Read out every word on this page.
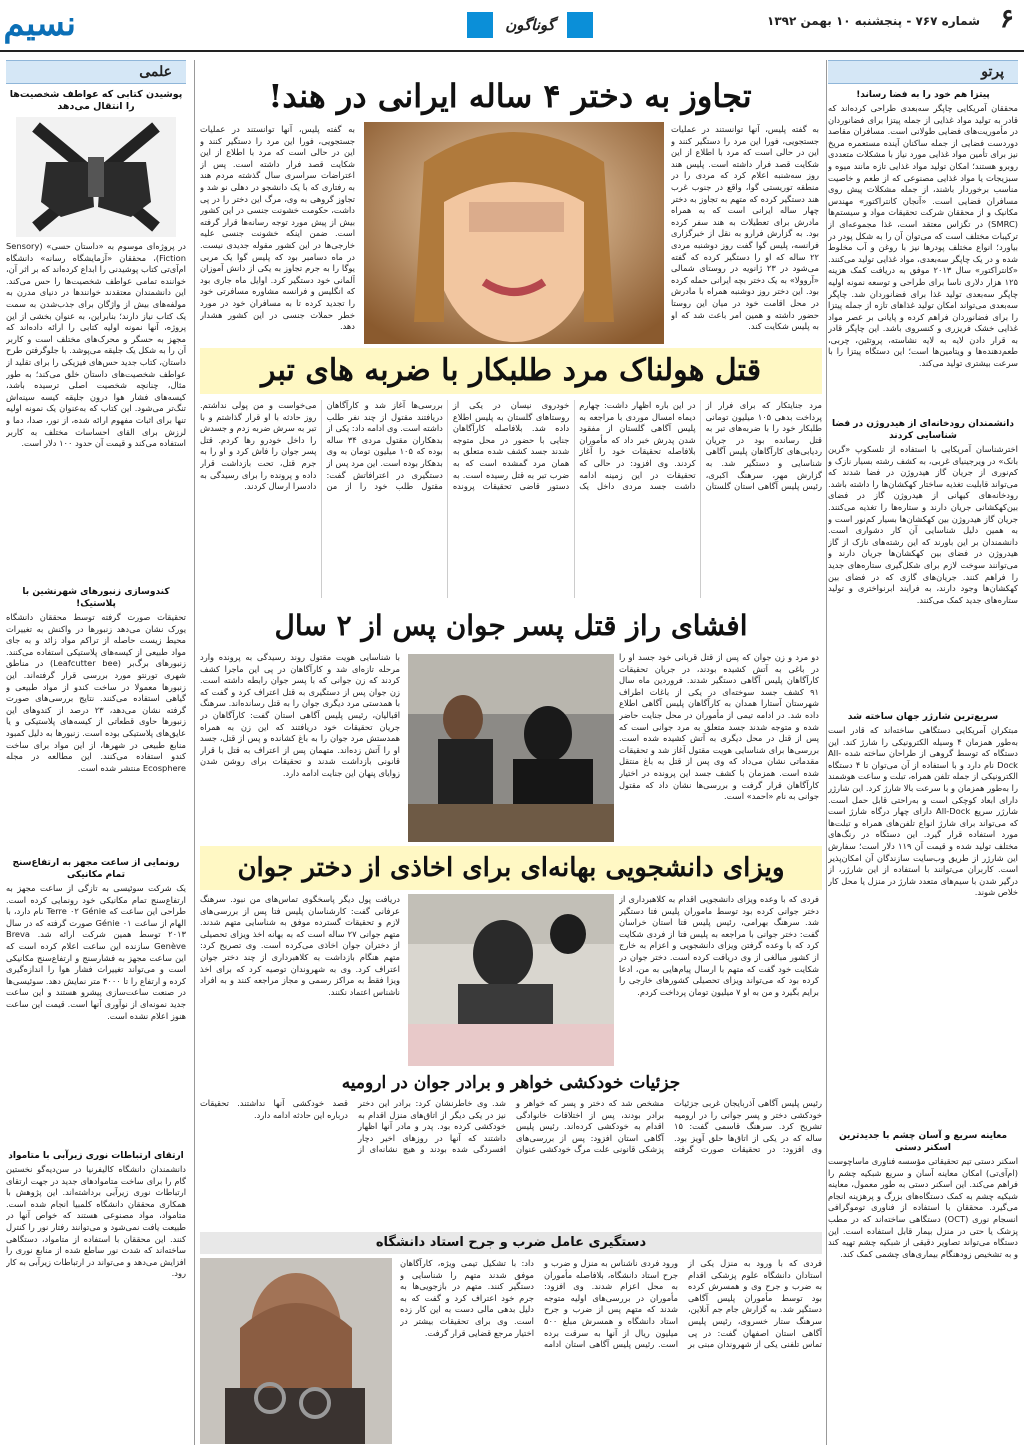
نسیم	گوناگون	۶
شماره ۷۶۷ - پنجشنبه ۱۰ بهمن ۱۳۹۲
پرتو
پیتزا هم خود را به فضا رساند!
محققان آمریکایی چاپگر سه‌بعدی طراحی کرده‌اند که قادر به تولید مواد غذایی از جمله پیتزا برای فضانوردان در مأموریت‌های فضایی طولانی است. مسافران مقاصد دوردست فضایی از جمله ساکنان آینده مستعمره مریخ نیز برای تأمین مواد غذایی مورد نیاز با مشکلات متعددی روبرو هستند؛ امکان تولید مواد غذایی تازه مانند میوه و سبزیجات یا مواد غذایی مصنوعی که از طعم و خاصیت مناسب برخوردار باشند، از جمله مشکلات پیش روی مسافران فضایی است. «آنجان کانتراکتور» مهندس مکانیک و از محققان شرکت تحقیقات مواد و سیستم‌ها (SMRC) در تگزاس معتقد است، غذا مجموعه‌ای از ترکیبات مختلف است که می‌توان آن را به شکل پودر در بیاورد؛ انواع مختلف پودرها نیز با روغن و آب مخلوط شده و در یک چاپگر سه‌بعدی، مواد غذایی تولید می‌کنند. «کانتراکتور» سال ۲۰۱۳ موفق به دریافت کمک هزینه ۱۲۵ هزار دلاری ناسا برای طراحی و توسعه نمونه اولیه چاپگر سه‌بعدی تولید غذا برای فضانوردان شد. چاپگر سه‌بعدی می‌تواند امکان تولید غذاهای تازه از جمله پیتزا را برای فضانوردان فراهم کرده و پایانی بر عصر مواد غذایی خشک فریزری و کنسروی باشد. این چاپگر قادر به قرار دادن لایه به لایه نشاسته، پروتئین، چربی، طعم‌دهنده‌ها و ویتامین‌ها است؛ این دستگاه پیتزا را با سرعت بیشتری تولید می‌کند.
دانشمندان رودخانه‌ای از هیدروژن در فضا شناسایی کردند
اخترشناسان آمریکایی با استفاده از تلسکوپ «گرین بانک» در ویرجینیای غربی، به کشف رشته بسیار نازک و کم‌نوری از جریان گاز هیدروژن در فضا شدند که می‌تواند قابلیت تغذیه ساختار کهکشان‌ها را داشته باشد. رودخانه‌های کیهانی از هیدروژن گاز در فضای بین‌کهکشانی جریان دارند و ستاره‌ها را تغذیه می‌کنند. جریان گاز هیدروژن بین کهکشان‌ها بسیار کم‌نور است و به همین دلیل شناسایی آن کار دشواری است. دانشمندان بر این باورند که این رشته‌های نازک از گاز هیدروژن در فضای بین کهکشان‌ها جریان دارند و می‌توانند سوخت لازم برای شکل‌گیری ستاره‌های جدید را فراهم کنند. جریان‌های گازی که در فضای بین کهکشان‌ها وجود دارند، به فرایند ابرنواختری و تولید ستاره‌های جدید کمک می‌کنند.
سریع‌ترین شارژر جهان ساخته شد
مبتکران آمریکایی دستگاهی ساخته‌اند که قادر است به‌طور همزمان ۴ وسیله الکترونیکی را شارژ کند. این دستگاه که توسط گروهی از طراحان ساخته شده All-Dock نام دارد و با استفاده از آن می‌توان تا ۴ دستگاه الکترونیکی از جمله تلفن همراه، تبلت و ساعت هوشمند را به‌طور همزمان و با سرعت بالا شارژ کرد. این شارژر دارای ابعاد کوچکی است و به‌راحتی قابل حمل است. شارژر سریع All-Dock دارای چهار درگاه شارژ است که می‌تواند برای شارژ انواع تلفن‌های همراه و تبلت‌ها مورد استفاده قرار گیرد. این دستگاه در رنگ‌های مختلف تولید شده و قیمت آن ۱۱۹ دلار است؛ سفارش این شارژر از طریق وب‌سایت سازندگان آن امکان‌پذیر است. کاربران می‌توانند با استفاده از این شارژر، از درگیر شدن با سیم‌های متعدد شارژ در منزل یا محل کار خلاص شوند.
معاینه سریع و آسان چشم با جدیدترین اسکنر دستی
اسکنر دستی تیم تحقیقاتی مؤسسه فناوری ماساچوست (ام‌آی‌تی) امکان معاینه آسان و سریع شبکیه چشم را فراهم می‌کند. این اسکنر دستی به طور معمول، معاینه شبکیه چشم به کمک دستگاه‌های بزرگ و پرهزینه انجام می‌گیرد. محققان با استفاده از فناوری توموگرافی انسجام نوری (OCT) دستگاهی ساخته‌اند که در مطب پزشک یا حتی در منزل بیمار قابل استفاده است. این دستگاه می‌تواند تصاویر دقیقی از شبکیه چشم تهیه کند و به تشخیص زودهنگام بیماری‌های چشمی کمک کند.
علمی
پوشیدن کتابی که عواطف شخصیت‌ها را انتقال می‌دهد
در پروژه‌ای موسوم به «داستان حسی» (Sensory Fiction)، محققان «آزمایشگاه رسانه» دانشگاه ام‌آی‌تی کتاب پوشیدنی را ابداع کرده‌اند که بر اثر آن، خواننده تمامی عواطف شخصیت‌ها را حس می‌کند. این دانشمندان معتقدند خوانندها در دنیای مدرن به مولفه‌های بیش از واژگان برای جذب‌شدن به سمت یک کتاب نیاز دارند؛ بنابراین، به عنوان بخشی از این پروژه، آنها نمونه اولیه کتابی را ارائه داده‌اند که مجهز به حسگر و محرک‌های مختلف است و کاربر آن را به شکل یک جلیقه می‌پوشد. با جلوگرفتن طرح داستان، کتاب جدید حس‌های فیزیکی را برای تقلید از عواطف شخصیت‌های داستان خلق می‌کند؛ به طور مثال، چنانچه شخصیت اصلی ترسیده باشد، کیسه‌های فشار هوا درون جلیقه کیسه سینه‌اش تنگ‌تر می‌شود. این کتاب که به‌عنوان یک نمونه اولیه تنها برای اثبات مفهوم ارائه شده، از نور، صدا، دما و لرزش برای القای احساسات مختلف به کاربر استفاده می‌کند و قیمت آن حدود ۱۰۰ دلار است.
کندوسازی زنبورهای شهرنشین با پلاستیک!
تحقیقات صورت گرفته توسط محققان دانشگاه یورک نشان می‌دهد زنبورها در واکنش به تغییرات محیط زیست حاصله از تراکم مواد زائد و به جای مواد طبیعی از کیسه‌های پلاستیکی استفاده می‌کنند. زنبورهای برگ‌بر (Leafcutter bee) در مناطق شهری تورنتو مورد بررسی قرار گرفته‌اند. این زنبورها معمولا در ساخت کندو از مواد طبیعی و گیاهی استفاده می‌کنند. نتایج بررسی‌های صورت گرفته نشان می‌دهد، ۲۳ درصد از کندوهای این زنبورها حاوی قطعاتی از کیسه‌های پلاستیکی و یا عایق‌های پلاستیکی بوده است. زنبورها به دلیل کمبود منابع طبیعی در شهرها، از این مواد برای ساخت کندو استفاده می‌کنند. این مطالعه در مجله Ecosphere منتشر شده است.
رونمایی از ساعت مجهز به ارتفاع‌سنج تمام مکانیکی
یک شرکت سوئیسی به تازگی از ساعت مجهز به ارتفاع‌سنج تمام مکانیکی خود رونمایی کرده است. طراحی این ساعت که Terre ۰۲ Génie نام دارد، با الهام از ساعت Génie ۰۱ صورت گرفته که در سال ۲۰۱۳ توسط همین شرکت ارائه شد. Breva Genève سازنده این ساعت اعلام کرده است که این ساعت مجهز به فشارسنج و ارتفاع‌سنج مکانیکی است و می‌تواند تغییرات فشار هوا را اندازه‌گیری کرده و ارتفاع را تا ۴۰۰۰ متر نمایش دهد. سوئیسی‌ها در صنعت ساعت‌سازی پیشرو هستند و این ساعت جدید نمونه‌ای از نوآوری آنها است. قیمت این ساعت هنوز اعلام نشده است.
ارتقای ارتباطات نوری زیرآبی با متامواد
دانشمندان دانشگاه کالیفرنیا در سن‌دیه‌گو نخستین گام را برای ساخت متاموادهای جدید در جهت ارتقای ارتباطات نوری زیرآبی برداشته‌اند. این پژوهش با همکاری محققان دانشگاه کلمبیا انجام شده است. متامواد، مواد مصنوعی هستند که خواص آنها در طبیعت یافت نمی‌شود و می‌توانند رفتار نور را کنترل کنند. این محققان با استفاده از متامواد، دستگاهی ساخته‌اند که شدت نور ساطع شده از منابع نوری را افزایش می‌دهد و می‌تواند در ارتباطات زیرآبی به کار رود.
تجاوز به دختر ۴ ساله ایرانی در هند!
به گفته پلیس، آنها توانستند در عملیات جستجویی، فورا این مرد را دستگیر کنند و این در حالی است که مرد با اطلاع از این شکایت قصد فرار داشته است. پلیس هند روز سه‌شنبه اعلام کرد که مردی را در منطقه توریستی گوا، واقع در جنوب غرب هند دستگیر کرده که متهم به تجاوز به دختر چهار ساله ایرانی است که به همراه مادرش برای تعطیلات به هند سفر کرده بود. به گزارش فرارو به نقل از خبرگزاری فرانسه، پلیس گوا گفت روز دوشنبه مردی ۲۲ ساله که او را دستگیر کرده که گفته می‌شود در ۲۳ ژانویه در روستای شمالی «آروولا» به یک دختر بچه ایرانی حمله کرده بود. این دختر روز دوشنبه همراه با مادرش در محل اقامت خود در میان این روستا حضور داشته و همین امر باعث شد که او به پلیس شکایت کند.
به گفته پلیس، آنها توانستند در عملیات جستجویی، فورا این مرد را دستگیر کنند و این در حالی است که مرد با اطلاع از این شکایت قصد فرار داشته است. پس از اعتراضات سراسری سال گذشته مردم هند به رفتاری که با یک دانشجو در دهلی نو شد و تجاوز گروهی به وی، مرگ این دختر را در پی داشت، حکومت خشونت جنسی در این کشور بیش از پیش مورد توجه رسانه‌ها قرار گرفته است. ضمن اینکه خشونت جنسی علیه خارجی‌ها در این کشور مقوله جدیدی نیست. در ماه دسامبر بود که پلیس گوا یک مربی یوگا را به جرم تجاوز به یکی از دانش آموزان آلمانی خود دستگیر کرد. اوایل ماه جاری بود که انگلیس و فرانسه مشاوره مسافرتی خود را تجدید کرده تا به مسافران خود در مورد خطر حملات جنسی در این کشور هشدار دهد.
قتل هولناک مرد طلبکار با ضربه های تبر
مرد جنایتکار که برای فرار از پرداخت بدهی ۱۰۵ میلیون تومانی طلبکار خود را با ضربه‌های تبر به قتل رسانده بود در جریان ردیابی‌های کارآگاهان پلیس آگاهی شناسایی و دستگیر شد. به گزارش مهر، سرهنگ اکبری، رئیس پلیس آگاهی استان گلستان در این باره اظهار داشت: چهارم دیماه امسال موردی با مراجعه به پلیس آگاهی گلستان از مفقود شدن پدرش خبر داد که مأموران بلافاصله تحقیقات خود را آغاز کردند. وی افزود: در حالی که تحقیقات در این زمینه ادامه داشت جسد مردی داخل یک خودروی نیسان در یکی از روستاهای گلستان به پلیس اطلاع داده شد. بلافاصله کارآگاهان جنایی با حضور در محل متوجه شدند جسد کشف شده متعلق به همان مرد گمشده است که به ضرب تبر به قتل رسیده است. به دستور قاضی تحقیقات پرونده بررسی‌ها آغاز شد و کارآگاهان دریافتند مقتول از چند نفر طلب داشته است. وی ادامه داد: یکی از بدهکاران مقتول مردی ۳۴ ساله بوده که ۱۰۵ میلیون تومان به وی بدهکار بوده است. این مرد پس از دستگیری در اعترافاتش گفت: مقتول طلب خود را از من می‌خواست و من پولی نداشتم. روز حادثه با او قرار گذاشتم و با تبر به سرش ضربه زدم و جسدش را داخل خودرو رها کردم. قتل پسر جوان را فاش کرد و او را به جرم قتل، تحت بازداشت قرار داده و پرونده را برای رسیدگی به دادسرا ارسال کردند.
افشای راز قتل پسر جوان پس از ۲ سال
دو مرد و زن جوان که پس از قتل قربانی خود جسد او را در باغی به آتش کشیده بودند، در جریان تحقیقات کارآگاهان پلیس آگاهی دستگیر شدند. فروردین ماه سال ۹۱ کشف جسد سوخته‌ای در یکی از باغات اطراف شهرستان آستارا همدان به کارآگاهان پلیس آگاهی اطلاع داده شد. در ادامه تیمی از مأموران در محل جنایت حاضر شده و متوجه شدند جسد متعلق به مرد جوانی است که پس از قتل در محل دیگری به آتش کشیده شده است. بررسی‌ها برای شناسایی هویت مقتول آغاز شد و تحقیقات مقدماتی نشان می‌داد که وی پس از قتل به باغ منتقل شده است. همزمان با کشف جسد این پرونده در اختیار کارآگاهان قرار گرفت و بررسی‌ها نشان داد که مقتول جوانی به نام «احمد» است.
با شناسایی هویت مقتول روند رسیدگی به پرونده وارد مرحله تازه‌ای شد و کارآگاهان در پی این ماجرا کشف کردند که زن جوانی که با پسر جوان رابطه داشته است. زن جوان پس از دستگیری به قتل اعتراف کرد و گفت که با همدستی مرد دیگری جوان را به قتل رسانده‌اند. سرهنگ اقبالیان، رئیس پلیس آگاهی استان گفت: کارآگاهان در جریان تحقیقات خود دریافتند که این زن به همراه همدستش مرد جوان را به باغ کشانده و پس از قتل، جسد او را آتش زده‌اند. متهمان پس از اعتراف به قتل با قرار قانونی بازداشت شدند و تحقیقات برای روشن شدن زوایای پنهان این جنایت ادامه دارد.
ویزای دانشجویی بهانه‌ای برای اخاذی از دختر جوان
فردی که با وعده ویزای دانشجویی اقدام به کلاهبرداری از دختر جوانی کرده بود توسط ماموران پلیس فتا دستگیر شد. سرهنگ بهرامی، رئیس پلیس فتا استان خراسان گفت: دختر جوانی با مراجعه به پلیس فتا از فردی شکایت کرد که با وعده گرفتن ویزای دانشجویی و اعزام به خارج از کشور مبالغی از وی دریافت کرده است. دختر جوان در شکایت خود گفت که متهم با ارسال پیام‌هایی به من، ادعا کرده بود که می‌تواند ویزای تحصیلی کشورهای خارجی را برایم بگیرد و من به او ۷ میلیون تومان پرداخت کردم.
دریافت پول دیگر پاسخگوی تماس‌های من نبود. سرهنگ عرفانی گفت: کارشناسان پلیس فتا پس از بررسی‌های لازم و تحقیقات گسترده موفق به شناسایی متهم شدند. متهم جوانی ۲۷ ساله است که به بهانه اخذ ویزای تحصیلی از دختران جوان اخاذی می‌کرده است. وی تصریح کرد: متهم هنگام بازداشت به کلاهبرداری از چند دختر جوان اعتراف کرد. وی به شهروندان توصیه کرد که برای اخذ ویزا فقط به مراکز رسمی و مجاز مراجعه کنند و به افراد ناشناس اعتماد نکنند.
جزئیات خودکشی خواهر و برادر جوان در ارومیه
رئیس پلیس آگاهی آذربایجان غربی جزئیات خودکشی دختر و پسر جوانی را در ارومیه تشریح کرد. سرهنگ قاسمی گفت: ۱۵ ساله که در یکی از اتاق‌ها حلق آویز بود. وی افزود: در تحقیقات صورت گرفته مشخص شد که دختر و پسر که خواهر و برادر بودند، پس از اختلافات خانوادگی اقدام به خودکشی کرده‌اند. رئیس پلیس آگاهی استان افزود: پس از بررسی‌های پزشکی قانونی علت مرگ خودکشی عنوان شد. وی خاطرنشان کرد: برادر این دختر نیز در یکی دیگر از اتاق‌های منزل اقدام به خودکشی کرده بود. پدر و مادر آنها اظهار داشتند که آنها در روزهای اخیر دچار افسردگی شده بودند و هیچ نشانه‌ای از قصد خودکشی آنها نداشتند. تحقیقات درباره این حادثه ادامه دارد.
دستگیری عامل ضرب و جرح استاد دانشگاه
فردی که با ورود به منزل یکی از استادان دانشگاه علوم پزشکی اقدام به ضرب و جرح وی و همسرش کرده بود توسط مأموران پلیس آگاهی دستگیر شد. به گزارش جام جم آنلاین، سرهنگ ستار خسروی، رئیس پلیس آگاهی استان اصفهان گفت: در پی تماس تلفنی یکی از شهروندان مبنی بر ورود فردی ناشناس به منزل و ضرب و جرح استاد دانشگاه، بلافاصله مأموران به محل اعزام شدند. وی افزود: مأموران در بررسی‌های اولیه متوجه شدند که متهم پس از ضرب و جرح استاد دانشگاه و همسرش مبلغ ۵۰۰ میلیون ریال از آنها به سرقت برده است. رئیس پلیس آگاهی استان ادامه داد: با تشکیل تیمی ویژه، کارآگاهان موفق شدند متهم را شناسایی و دستگیر کنند. متهم در بازجویی‌ها به جرم خود اعتراف کرد و گفت که به دلیل بدهی مالی دست به این کار زده است. وی برای تحقیقات بیشتر در اختیار مرجع قضایی قرار گرفت.
